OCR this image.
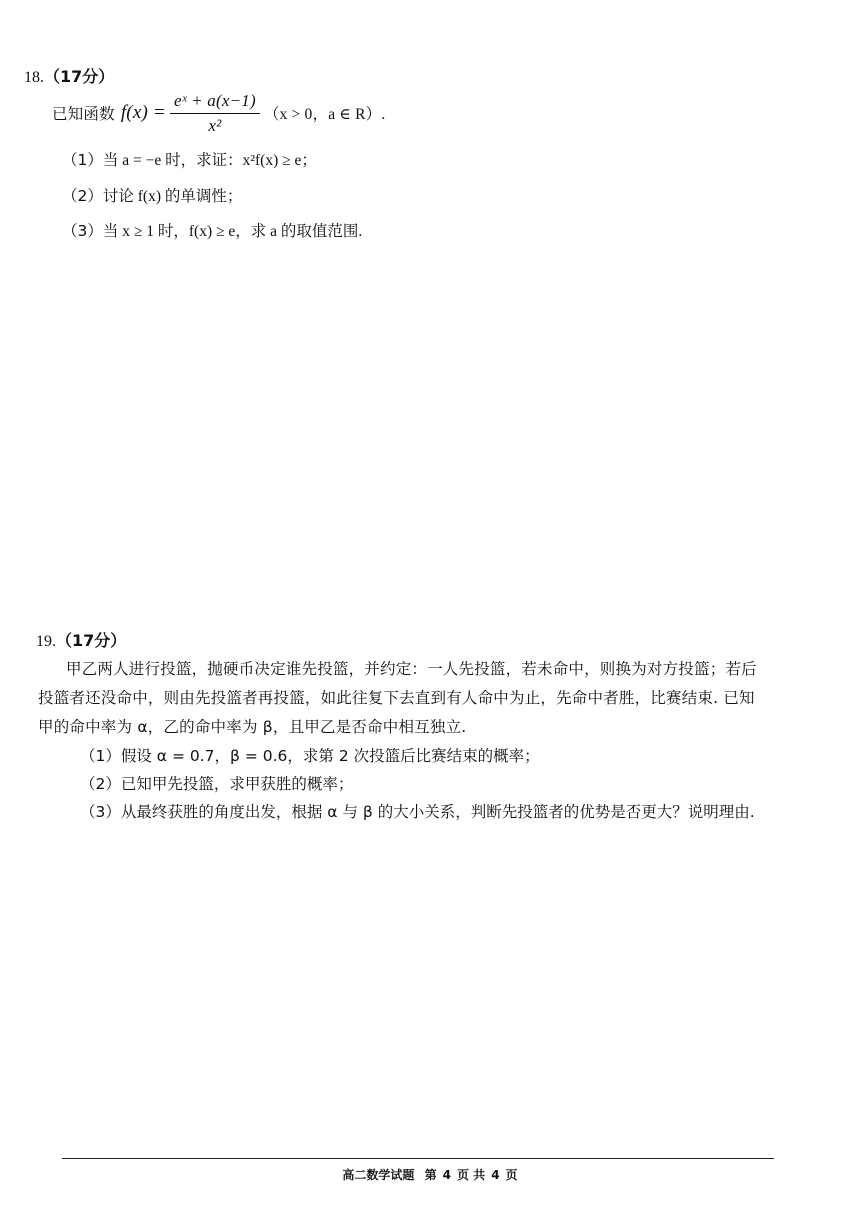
18.（17分）
已知函数 $f(x) = \frac{\text{eˣ + a(x−1)}}{\text{x²}} (x > 0$，a ∈ R）.
（1）当 a = −e 时，求证：x²f(x) ≥ e；
（2）讨论 f(x) 的单调性；
（3）当 x ≥ 1 时，f(x) ≥ e，求 a 的取值范围.
19.（17分）
甲乙两人进行投篮，抛硬币决定谁先投篮，并约定：一人先投篮，若未命中，则换为对方投篮；若后
投篮者还没命中，则由先投篮者再投篮，如此往复下去直到有人命中为止，先命中者胜，比赛结束. 已知
甲的命中率为 α，乙的命中率为 β，且甲乙是否命中相互独立.
（1）假设 α = 0.7，β = 0.6，求第 2 次投篮后比赛结束的概率；
（2）已知甲先投篮，求甲获胜的概率；
（3）从最终获胜的角度出发，根据 α 与 β 的大小关系，判断先投篮者的优势是否更大？说明理由.
高二数学试题 第 4 页 共 4 页
